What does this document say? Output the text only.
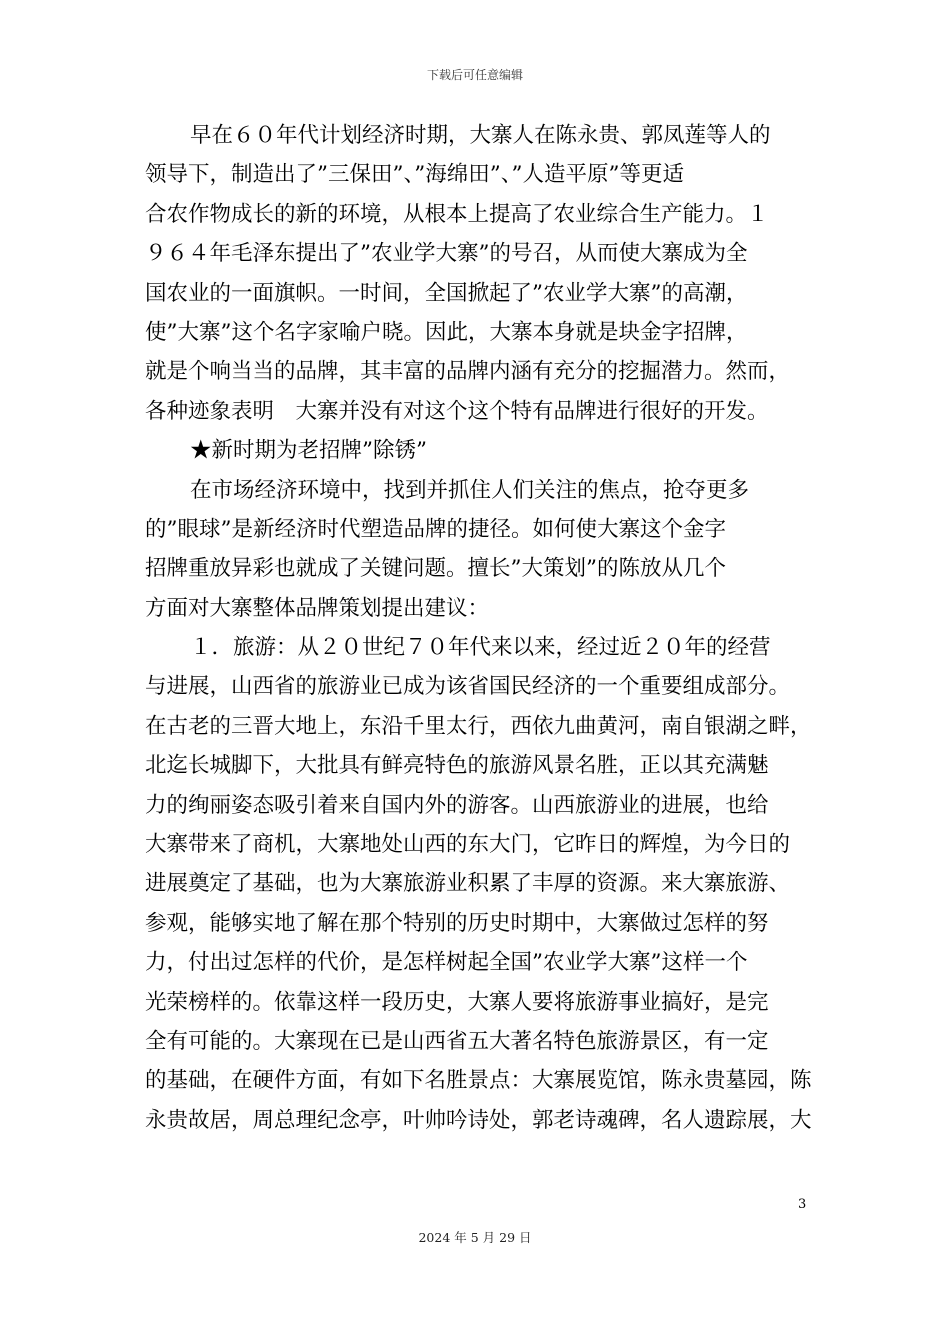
下载后可任意编辑
早在６０年代计划经济时期，大寨人在陈永贵、郭凤莲等人的
领导下，制造出了”三保田”、”海绵田”、”人造平原”等更适
合农作物成长的新的环境，从根本上提高了农业综合生产能力。１
９６４年毛泽东提出了”农业学大寨”的号召，从而使大寨成为全
国农业的一面旗帜。一时间，全国掀起了”农业学大寨”的高潮，
使”大寨”这个名字家喻户晓。因此，大寨本身就是块金字招牌，
就是个响当当的品牌，其丰富的品牌内涵有充分的挖掘潜力。然而，
各种迹象表明　大寨并没有对这个这个特有品牌进行很好的开发。
★新时期为老招牌”除锈”
在市场经济环境中，找到并抓住人们关注的焦点，抢夺更多
的”眼球”是新经济时代塑造品牌的捷径。如何使大寨这个金字
招牌重放异彩也就成了关键问题。擅长”大策划”的陈放从几个
方面对大寨整体品牌策划提出建议：
１．旅游：从２０世纪７０年代来以来，经过近２０年的经营
与进展，山西省的旅游业已成为该省国民经济的一个重要组成部分。
在古老的三晋大地上，东沿千里太行，西依九曲黄河，南自银湖之畔，
北迄长城脚下，大批具有鲜亮特色的旅游风景名胜，正以其充满魅
力的绚丽姿态吸引着来自国内外的游客。山西旅游业的进展，也给
大寨带来了商机，大寨地处山西的东大门，它昨日的辉煌，为今日的
进展奠定了基础，也为大寨旅游业积累了丰厚的资源。来大寨旅游、
参观，能够实地了解在那个特别的历史时期中，大寨做过怎样的努
力，付出过怎样的代价，是怎样树起全国”农业学大寨”这样一个
光荣榜样的。依靠这样一段历史，大寨人要将旅游事业搞好，是完
全有可能的。大寨现在已是山西省五大著名特色旅游景区，有一定
的基础，在硬件方面，有如下名胜景点：大寨展览馆，陈永贵墓园，陈
永贵故居，周总理纪念亭，叶帅吟诗处，郭老诗魂碑，名人遗踪展，大
3
2024 年 5 月 29 日
